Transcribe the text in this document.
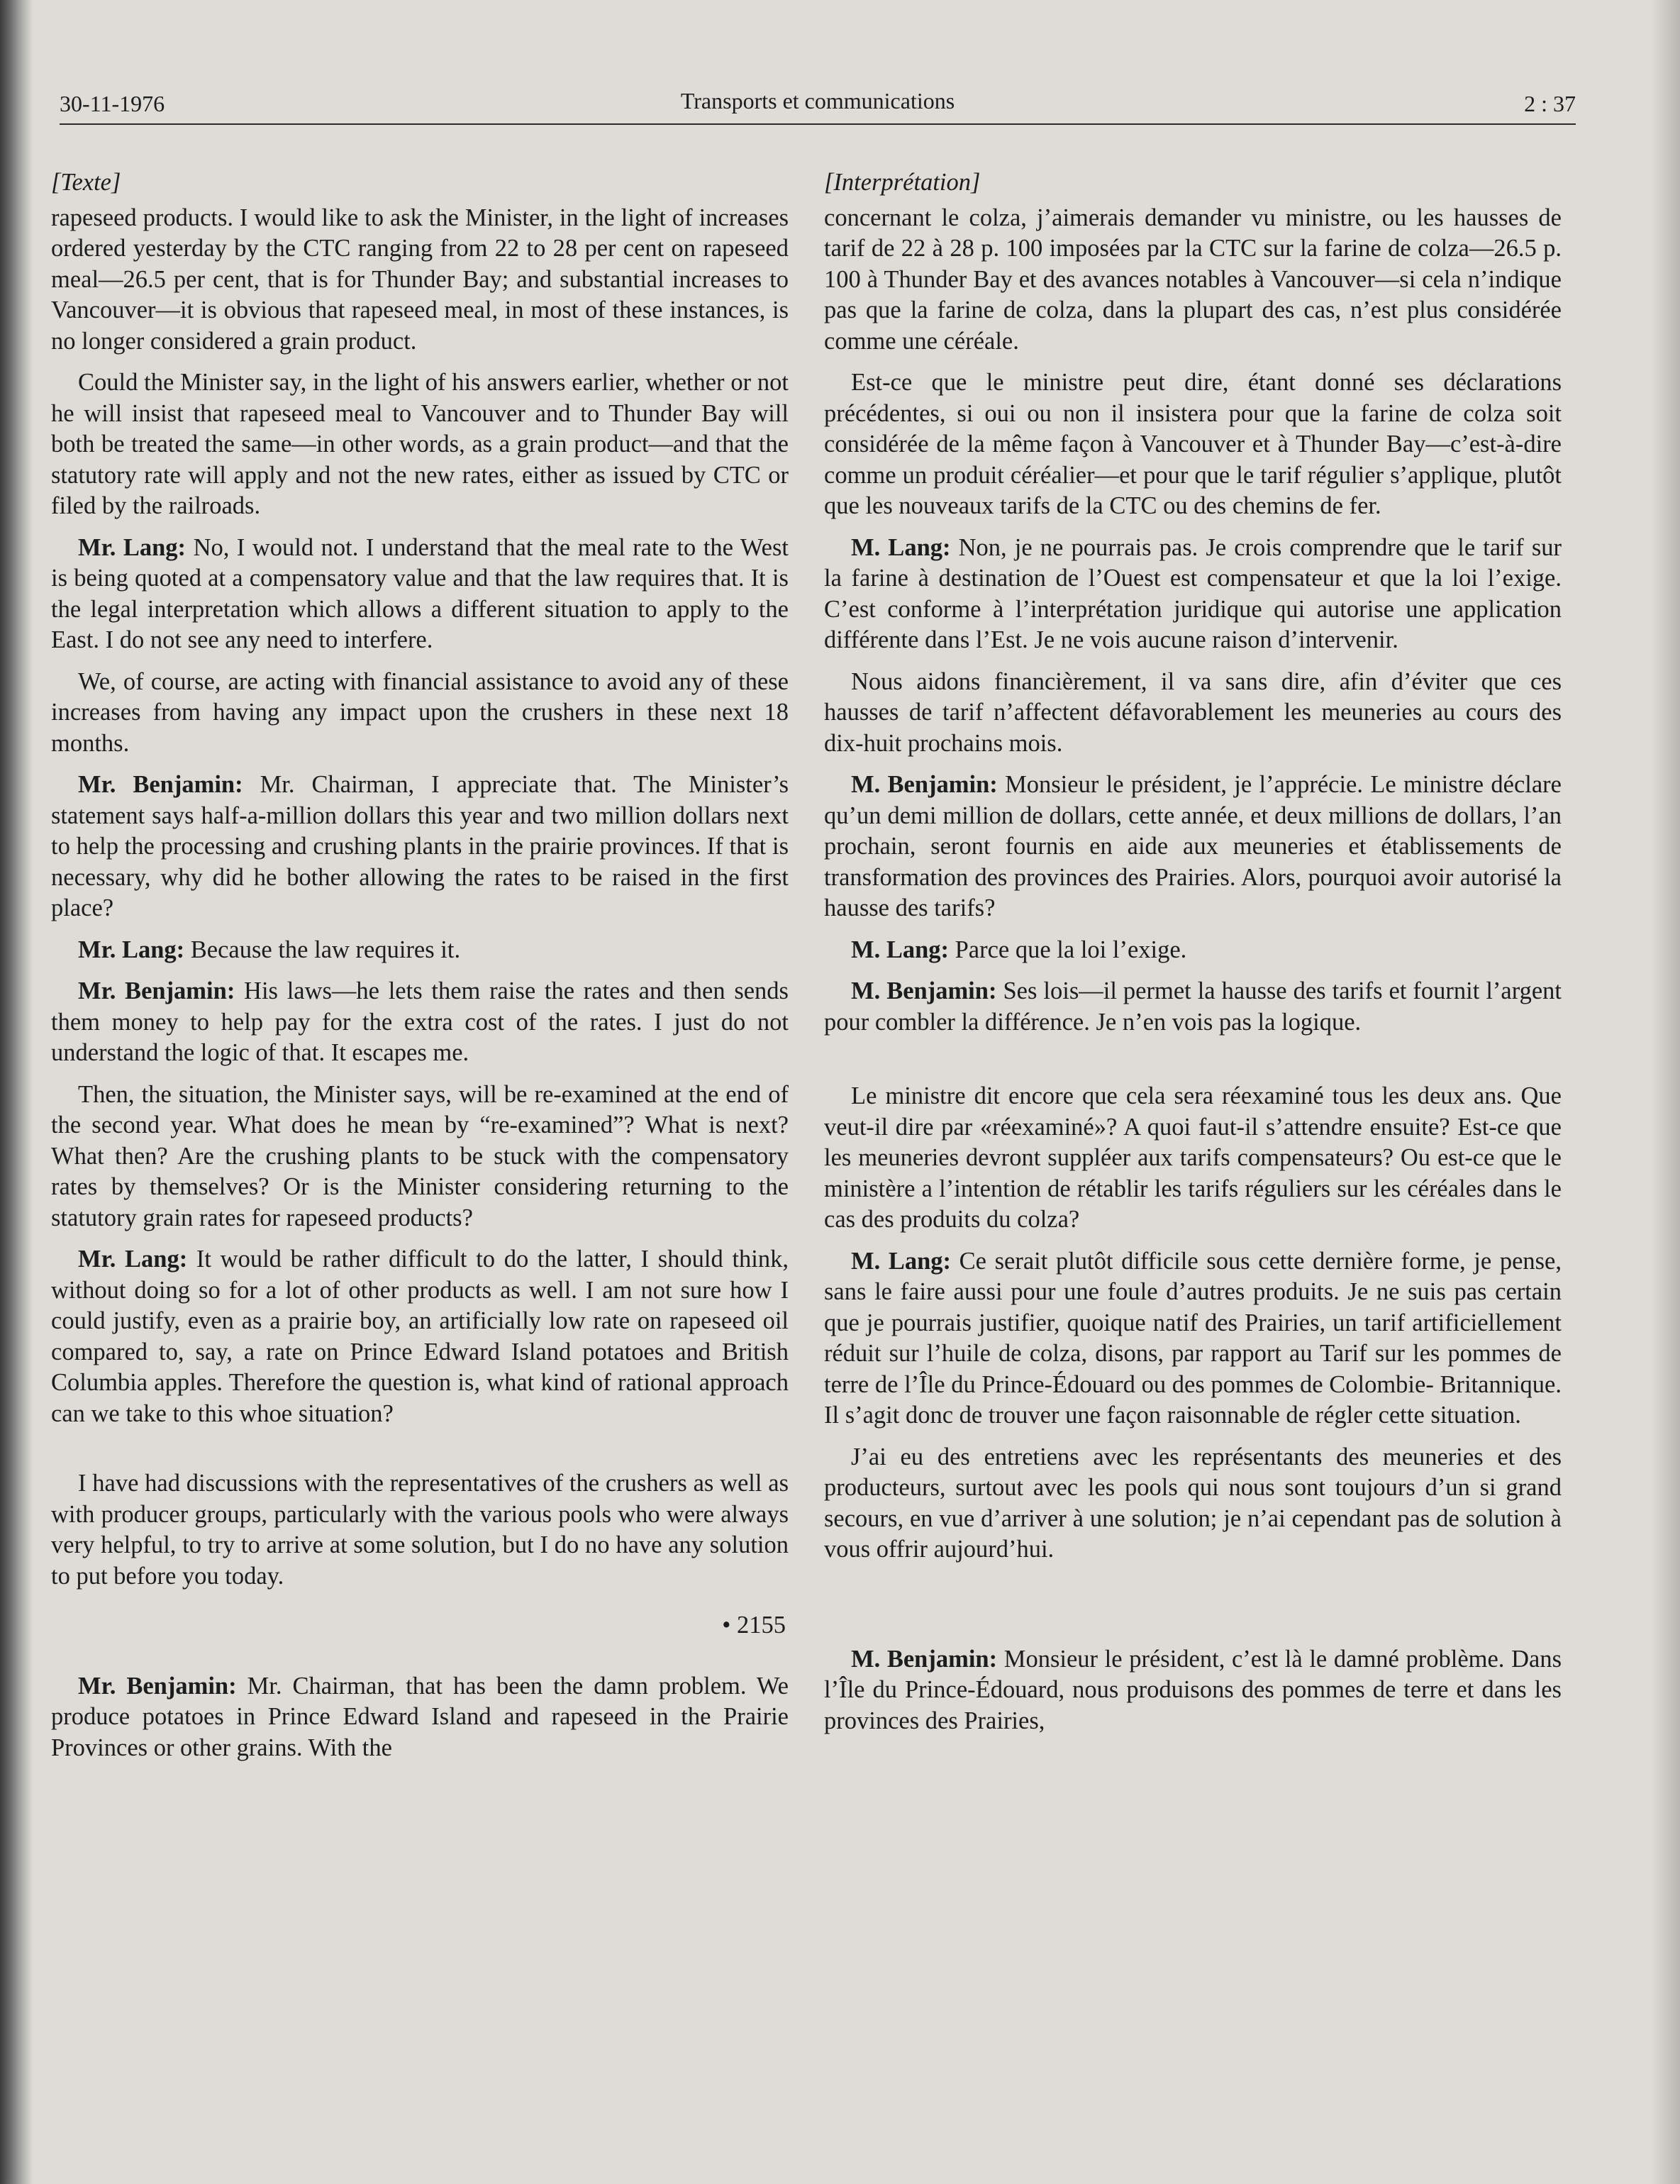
30-11-1976	Transports et communications	2 : 37
[Texte]

rapeseed products. I would like to ask the Minister, in the light of increases ordered yesterday by the CTC ranging from 22 to 28 per cent on rapeseed meal—26.5 per cent, that is for Thunder Bay; and substantial increases to Vancouver—it is obvious that rapeseed meal, in most of these instances, is no longer considered a grain product.

Could the Minister say, in the light of his answers earlier, whether or not he will insist that rapeseed meal to Vancouver and to Thunder Bay will both be treated the same—in other words, as a grain product—and that the statutory rate will apply and not the new rates, either as issued by CTC or filed by the railroads.

Mr. Lang: No, I would not. I understand that the meal rate to the West is being quoted at a compensatory value and that the law requires that. It is the legal interpretation which allows a different situation to apply to the East. I do not see any need to interfere.

We, of course, are acting with financial assistance to avoid any of these increases from having any impact upon the crushers in these next 18 months.

Mr. Benjamin: Mr. Chairman, I appreciate that. The Minister’s statement says half-a-million dollars this year and two million dollars next to help the processing and crushing plants in the prairie provinces. If that is necessary, why did he bother allowing the rates to be raised in the first place?

Mr. Lang: Because the law requires it.

Mr. Benjamin: His laws—he lets them raise the rates and then sends them money to help pay for the extra cost of the rates. I just do not understand the logic of that. It escapes me.

Then, the situation, the Minister says, will be re-examined at the end of the second year. What does he mean by “re-examined”? What is next? What then? Are the crushing plants to be stuck with the compensatory rates by themselves? Or is the Minister considering returning to the statutory grain rates for rapeseed products?

Mr. Lang: It would be rather difficult to do the latter, I should think, without doing so for a lot of other products as well. I am not sure how I could justify, even as a prairie boy, an artificially low rate on rapeseed oil compared to, say, a rate on Prince Edward Island potatoes and British Columbia apples. Therefore the question is, what kind of rational approach can we take to this whoe situation?

I have had discussions with the representatives of the crushers as well as with producer groups, particularly with the various pools who were always very helpful, to try to arrive at some solution, but I do no have any solution to put before you today.

• 2155

Mr. Benjamin: Mr. Chairman, that has been the damn problem. We produce potatoes in Prince Edward Island and rapeseed in the Prairie Provinces or other grains. With the

[Interprétation]

concernant le colza, j’aimerais demander vu ministre, ou les hausses de tarif de 22 à 28 p. 100 imposées par la CTC sur la farine de colza—26.5 p. 100 à Thunder Bay et des avances notables à Vancouver—si cela n’indique pas que la farine de colza, dans la plupart des cas, n’est plus considérée comme une céréale.

Est-ce que le ministre peut dire, étant donné ses déclarations précédentes, si oui ou non il insistera pour que la farine de colza soit considérée de la même façon à Vancouver et à Thunder Bay—c’est-à-dire comme un produit céréalier—et pour que le tarif régulier s’applique, plutôt que les nouveaux tarifs de la CTC ou des chemins de fer.

M. Lang: Non, je ne pourrais pas. Je crois comprendre que le tarif sur la farine à destination de l’Ouest est compensateur et que la loi l’exige. C’est conforme à l’interprétation juridique qui autorise une application différente dans l’Est. Je ne vois aucune raison d’intervenir.

Nous aidons financièrement, il va sans dire, afin d’éviter que ces hausses de tarif n’affectent défavorablement les meuneries au cours des dix-huit prochains mois.

M. Benjamin: Monsieur le président, je l’apprécie. Le ministre déclare qu’un demi million de dollars, cette année, et deux millions de dollars, l’an prochain, seront fournis en aide aux meuneries et établissements de transformation des provinces des Prairies. Alors, pourquoi avoir autorisé la hausse des tarifs?

M. Lang: Parce que la loi l’exige.

M. Benjamin: Ses lois—il permet la hausse des tarifs et fournit l’argent pour combler la différence. Je n’en vois pas la logique.

Le ministre dit encore que cela sera réexaminé tous les deux ans. Que veut-il dire par «réexaminé»? A quoi faut-il s’attendre ensuite? Est-ce que les meuneries devront suppléer aux tarifs compensateurs? Ou est-ce que le ministère a l’intention de rétablir les tarifs réguliers sur les céréales dans le cas des produits du colza?

M. Lang: Ce serait plutôt difficile sous cette dernière forme, je pense, sans le faire aussi pour une foule d’autres produits. Je ne suis pas certain que je pourrais justifier, quoique natif des Prairies, un tarif artificiellement réduit sur l’huile de colza, disons, par rapport au Tarif sur les pommes de terre de l’Île du Prince-Édouard ou des pommes de Colombie- Britannique. Il s’agit donc de trouver une façon raisonnable de régler cette situation.

J’ai eu des entretiens avec les représentants des meuneries et des producteurs, surtout avec les pools qui nous sont toujours d’un si grand secours, en vue d’arriver à une solution; je n’ai cependant pas de solution à vous offrir aujourd’hui.

M. Benjamin: Monsieur le président, c’est là le damné problème. Dans l’Île du Prince-Édouard, nous produisons des pommes de terre et dans les provinces des Prairies,
